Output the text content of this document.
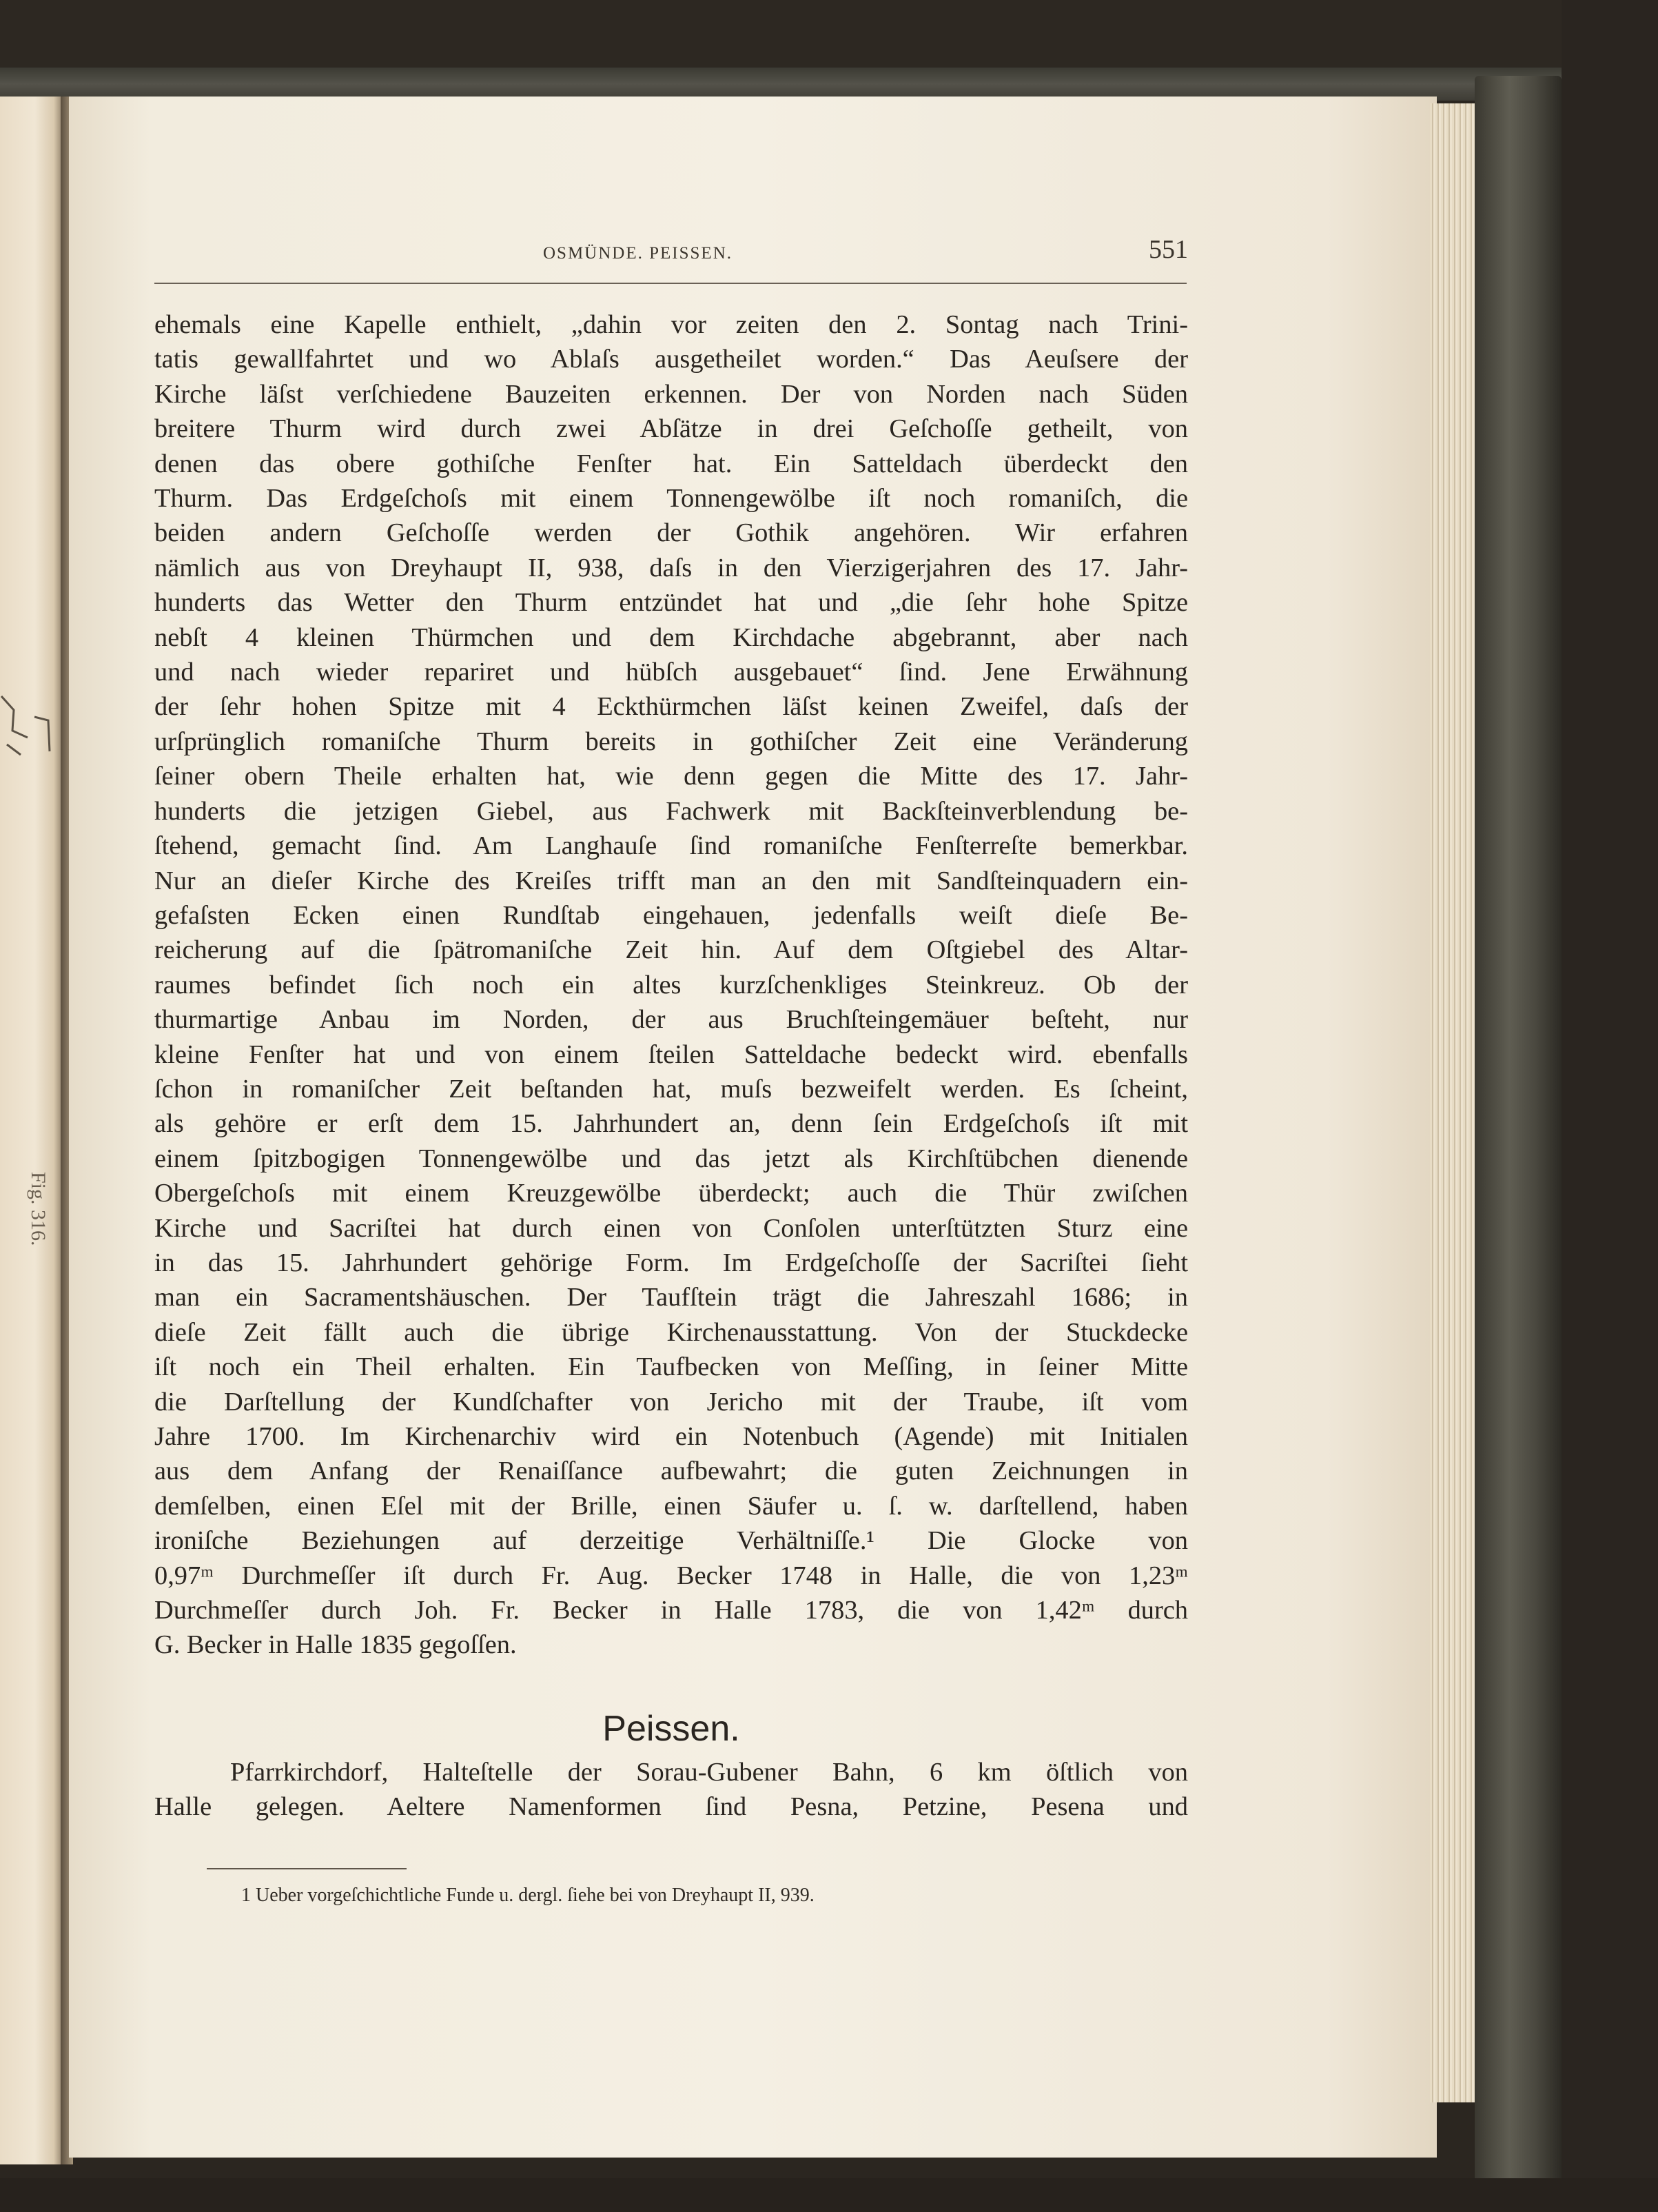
Fig. 316.
OSMÜNDE. PEISSEN.	551
ehemals eine Kapelle enthielt, „dahin vor zeiten den 2. Sontag nach Trini-
tatis gewallfahrtet und wo Ablaſs ausgetheilet worden.“ Das Aeuſsere der
Kirche läſst verſchiedene Bauzeiten erkennen. Der von Norden nach Süden
breitere Thurm wird durch zwei Abſätze in drei Geſchoſſe getheilt, von
denen das obere gothiſche Fenſter hat. Ein Satteldach überdeckt den
Thurm. Das Erdgeſchoſs mit einem Tonnengewölbe iſt noch romaniſch, die
beiden andern Geſchoſſe werden der Gothik angehören. Wir erfahren
nämlich aus von Dreyhaupt II, 938, daſs in den Vierzigerjahren des 17. Jahr-
hunderts das Wetter den Thurm entzündet hat und „die ſehr hohe Spitze
nebſt 4 kleinen Thürmchen und dem Kirchdache abgebrannt, aber nach
und nach wieder repariret und hübſch ausgebauet“ ſind. Jene Erwähnung
der ſehr hohen Spitze mit 4 Eckthürmchen läſst keinen Zweifel, daſs der
urſprünglich romaniſche Thurm bereits in gothiſcher Zeit eine Veränderung
ſeiner obern Theile erhalten hat, wie denn gegen die Mitte des 17. Jahr-
hunderts die jetzigen Giebel, aus Fachwerk mit Backſteinverblendung be-
ſtehend, gemacht ſind. Am Langhauſe ſind romaniſche Fenſterreſte bemerkbar.
Nur an dieſer Kirche des Kreiſes trifft man an den mit Sandſteinquadern ein-
gefaſsten Ecken einen Rundſtab eingehauen, jedenfalls weiſt dieſe Be-
reicherung auf die ſpätromaniſche Zeit hin. Auf dem Oſtgiebel des Altar-
raumes befindet ſich noch ein altes kurzſchenkliges Steinkreuz. Ob der
thurmartige Anbau im Norden, der aus Bruchſteingemäuer beſteht, nur
kleine Fenſter hat und von einem ſteilen Satteldache bedeckt wird. ebenfalls
ſchon in romaniſcher Zeit beſtanden hat, muſs bezweifelt werden. Es ſcheint,
als gehöre er erſt dem 15. Jahrhundert an, denn ſein Erdgeſchoſs iſt mit
einem ſpitzbogigen Tonnengewölbe und das jetzt als Kirchſtübchen dienende
Obergeſchoſs mit einem Kreuzgewölbe überdeckt; auch die Thür zwiſchen
Kirche und Sacriſtei hat durch einen von Conſolen unterſtützten Sturz eine
in das 15. Jahrhundert gehörige Form. Im Erdgeſchoſſe der Sacriſtei ſieht
man ein Sacramentshäuschen. Der Taufſtein trägt die Jahreszahl 1686; in
dieſe Zeit fällt auch die übrige Kirchenausstattung. Von der Stuckdecke
iſt noch ein Theil erhalten. Ein Taufbecken von Meſſing, in ſeiner Mitte
die Darſtellung der Kundſchafter von Jericho mit der Traube, iſt vom
Jahre 1700. Im Kirchenarchiv wird ein Notenbuch (Agende) mit Initialen
aus dem Anfang der Renaiſſance aufbewahrt; die guten Zeichnungen in
demſelben, einen Eſel mit der Brille, einen Säufer u. ſ. w. darſtellend, haben
ironiſche Beziehungen auf derzeitige Verhältniſſe.¹ Die Glocke von
0,97ᵐ Durchmeſſer iſt durch Fr. Aug. Becker 1748 in Halle, die von 1,23ᵐ
Durchmeſſer durch Joh. Fr. Becker in Halle 1783, die von 1,42ᵐ durch
G. Becker in Halle 1835 gegoſſen.
Peissen.
Pfarrkirchdorf, Halteſtelle der Sorau-Gubener Bahn, 6 km öſtlich von
Halle gelegen. Aeltere Namenformen ſind Pesna, Petzine, Pesena und
1 Ueber vorgeſchichtliche Funde u. dergl. ſiehe bei von Dreyhaupt II, 939.
